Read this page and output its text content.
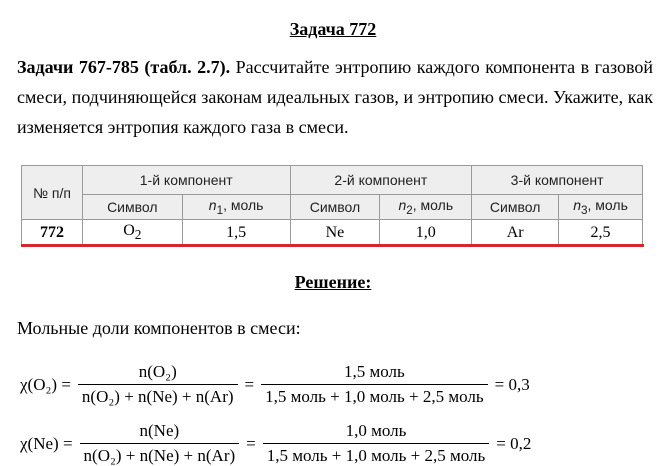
Задача 772
Задачи 767-785 (табл. 2.7). Рассчитайте энтропию каждого компонента в газовой смеси, подчиняющейся законам идеальных газов, и энтропию смеси. Укажите, как изменяется энтропия каждого газа в смеси.
№ п/п	1-й компонент		2-й компонент		3-й компонент	
	Символ	$n_1$, моль	Символ	$n_2$, моль	Символ	$n_3$, моль
772	$O_2$	1,5	Ne	1,0	Ar	2,5
Решение:
Мольные доли компонентов в смеси:
$\chi(O_2) = \frac{\text{n(O₂)}}{\text{n(O₂) + n(Ne) + n(Ar)}} = \frac{\text{1,5 моль}}{\text{1,5 моль + 1,0 моль + 2,5 моль}} = 0,3$
$\chi(Ne) = \frac{n(Ne)}{\text{n(O₂) + n(Ne) + n(Ar)}} = \frac{\text{1,0 моль}}{\text{1,5 моль + 1,0 моль + 2,5 моль}} = 0,2$
